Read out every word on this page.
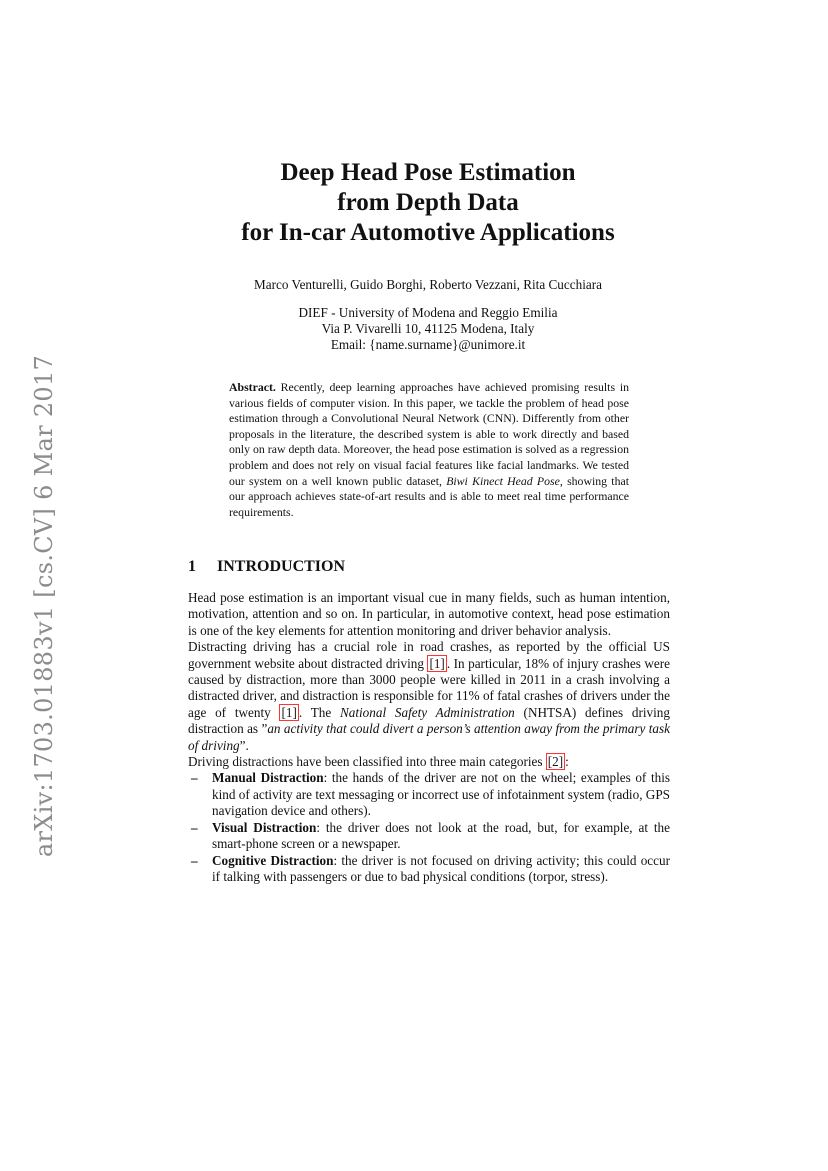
arXiv:1703.01883v1 [cs.CV] 6 Mar 2017
Deep Head Pose Estimation
from Depth Data
for In-car Automotive Applications
Marco Venturelli, Guido Borghi, Roberto Vezzani, Rita Cucchiara
DIEF - University of Modena and Reggio Emilia
Via P. Vivarelli 10, 41125 Modena, Italy
Email: {name.surname}@unimore.it
Abstract. Recently, deep learning approaches have achieved promising results in various fields of computer vision. In this paper, we tackle the problem of head pose estimation through a Convolutional Neural Network (CNN). Differently from other proposals in the literature, the described system is able to work directly and based only on raw depth data. Moreover, the head pose estimation is solved as a regression problem and does not rely on visual facial features like facial landmarks. We tested our system on a well known public dataset, Biwi Kinect Head Pose, showing that our approach achieves state-of-art results and is able to meet real time performance requirements.
1 INTRODUCTION

Head pose estimation is an important visual cue in many fields, such as human intention, motivation, attention and so on. In particular, in automotive context, head pose estimation is one of the key elements for attention monitoring and driver behavior analysis.

Distracting driving has a crucial role in road crashes, as reported by the official US government website about distracted driving [1] . In particular, 18% of injury crashes were caused by distraction, more than 3000 people were killed in 2011 in a crash involving a distracted driver, and distraction is responsible for 11% of fatal crashes of drivers under the age of twenty [1] . The National Safety Administration (NHTSA) defines driving distraction as ”an activity that could divert a person’s attention away from the primary task of driving”.

Driving distractions have been classified into three main categories [2] :

– Manual Distraction: the hands of the driver are not on the wheel; examples of this kind of activity are text messaging or incorrect use of infotainment system (radio, GPS navigation device and others).
– Visual Distraction: the driver does not look at the road, but, for example, at the smart-phone screen or a newspaper.
– Cognitive Distraction: the driver is not focused on driving activity; this could occur if talking with passengers or due to bad physical conditions (torpor, stress).
